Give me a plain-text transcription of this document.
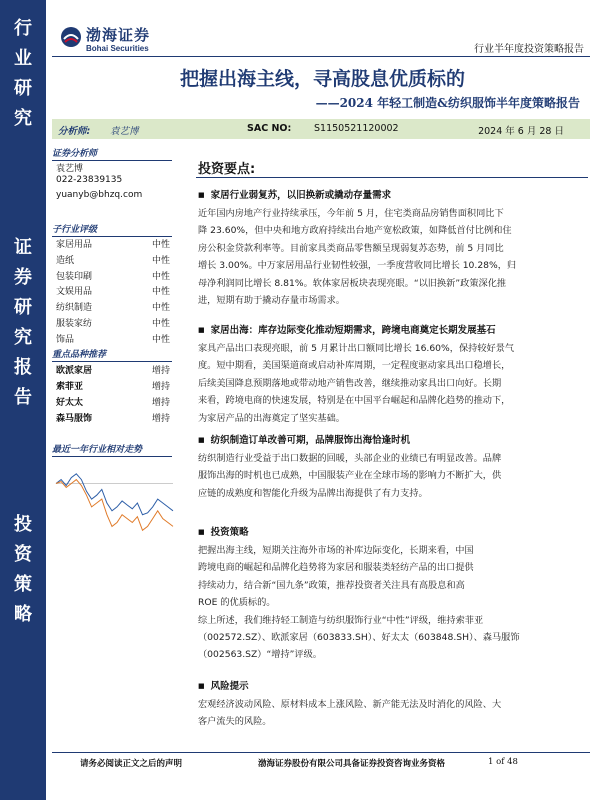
行
业
研
究
证
券
研
究
报
告
投
资
策
略
渤海证券
Bohai Securities	行业半年度投资策略报告
把握出海主线，寻高股息优质标的
——2024 年轻工制造&纺织服饰半年度策略报告
分析师: 袁艺博	SAC NO: S1150521120002	2024 年 6 月 28 日
证券分析师
袁艺博
022-23839135
yuanyb@bhzq.com
子行业评级
家居用品	中性
造纸	中性
包装印刷	中性
文娱用品	中性
纺织制造	中性
服装家纺	中性
饰品	中性
重点品种推荐
欧派家居	增持
索菲亚	增持
好太太	增持
森马服饰	增持
最近一年行业相对走势
投资要点:
■ 家居行业弱复苏，以旧换新或撬动存量需求
近年国内房地产行业持续承压，今年前 5 月，住宅类商品房销售面积同比下
降 23.60%，但中央和地方政府持续出台地产宽松政策，如降低首付比例和住
房公积金贷款利率等。目前家具类商品零售额呈现弱复苏态势，前 5 月同比
增长 3.00%。中万家居用品行业韧性较强，一季度营收同比增长 10.28%，归
母净利润同比增长 8.81%。软体家居板块表现亮眼。“以旧换新”政策深化推
进，短期有助于撬动存量市场需求。
■ 家居出海：库存边际变化推动短期需求，跨境电商奠定长期发展基石
家具产品出口表现亮眼，前 5 月累计出口额同比增长 16.60%，保持较好景气
度。短中期看，美国渠道商或启动补库周期，一定程度驱动家具出口稳增长，
后续美国降息预期落地或带动地产销售改善，继续推动家具出口向好。长期
来看，跨境电商的快速发展，特别是在中国平台崛起和品牌化趋势的推动下，
为家居产品的出海奠定了坚实基础。
■ 纺织制造订单改善可期，品牌服饰出海恰逢时机
纺织制造行业受益于出口数据的回暖，头部企业的业绩已有明显改善。品牌
服饰出海的时机也已成熟，中国服装产业在全球市场的影响力不断扩大，供
应链的成熟度和智能化升级为品牌出海提供了有力支持。
■ 投资策略
把握出海主线，短期关注海外市场的补库边际变化，长期来看，中国
跨境电商的崛起和品牌化趋势将为家居和服装类轻纺产品的出口提供
持续动力，结合新“国九条”政策，推荐投资者关注具有高股息和高
ROE 的优质标的。
综上所述，我们维持轻工制造与纺织服饰行业“中性”评级，维持索菲亚
（002572.SZ）、欧派家居（603833.SH）、好太太（603848.SH）、森马服饰
（002563.SZ）“增持”评级。
■ 风险提示
宏观经济波动风险、原材料成本上涨风险、新产能无法及时消化的风险、大
客户流失的风险。
请务必阅读正文之后的声明	渤海证券股份有限公司具备证券投资咨询业务资格	1 of 48
